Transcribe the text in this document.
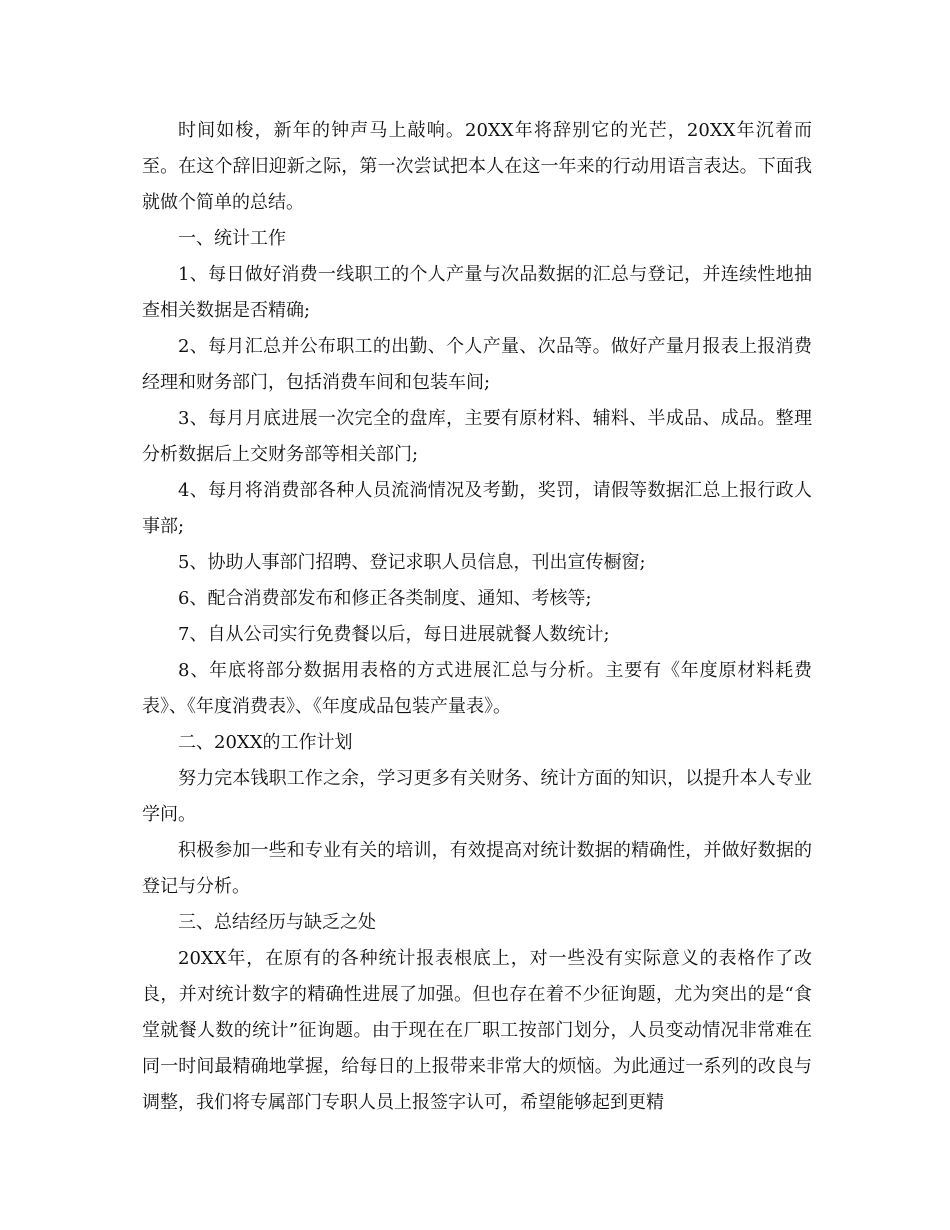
时间如梭，新年的钟声马上敲响。20XX年将辞别它的光芒，20XX年沉着而至。在这个辞旧迎新之际，第一次尝试把本人在这一年来的行动用语言表达。下面我就做个简单的总结。

一、统计工作

1、每日做好消费一线职工的个人产量与次品数据的汇总与登记，并连续性地抽查相关数据是否精确;

2、每月汇总并公布职工的出勤、个人产量、次品等。做好产量月报表上报消费经理和财务部门，包括消费车间和包装车间;

3、每月月底进展一次完全的盘库，主要有原材料、辅料、半成品、成品。整理分析数据后上交财务部等相关部门;

4、每月将消费部各种人员流淌情况及考勤，奖罚，请假等数据汇总上报行政人事部;

5、协助人事部门招聘、登记求职人员信息，刊出宣传橱窗;

6、配合消费部发布和修正各类制度、通知、考核等;

7、自从公司实行免费餐以后，每日进展就餐人数统计;

8、年底将部分数据用表格的方式进展汇总与分析。主要有《年度原材料耗费表》、《年度消费表》、《年度成品包装产量表》。

二、20XX的工作计划

努力完本钱职工作之余，学习更多有关财务、统计方面的知识，以提升本人专业学问。

积极参加一些和专业有关的培训，有效提高对统计数据的精确性，并做好数据的登记与分析。

三、总结经历与缺乏之处

20XX年，在原有的各种统计报表根底上，对一些没有实际意义的表格作了改良，并对统计数字的精确性进展了加强。但也存在着不少征询题，尤为突出的是“食堂就餐人数的统计”征询题。由于现在在厂职工按部门划分，人员变动情况非常难在同一时间最精确地掌握，给每日的上报带来非常大的烦恼。为此通过一系列的改良与调整，我们将专属部门专职人员上报签字认可，希望能够起到更精
